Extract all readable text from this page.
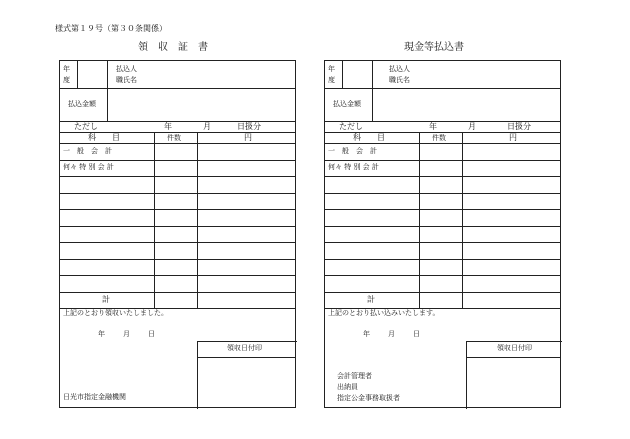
様式第１９号（第３０条関係）
領　収　証　書
年
度
払込人
職氏名
払込金額
ただし	年	月	日扱分
科　　目	件数	円
一　般　会　計
何々 特 別 会 計
計
上記のとおり領収いたしました。
年	月	日
領収日付印
日光市指定金融機関
現金等払込書
年
度
払込人
職氏名
払込金額
ただし	年	月	日扱分
科　　目	件数	円
一　般　会　計
何々 特 別 会 計
計
上記のとおり払い込みいたします。
年	月	日
領収日付印
会計管理者
出納員
指定公金事務取扱者
